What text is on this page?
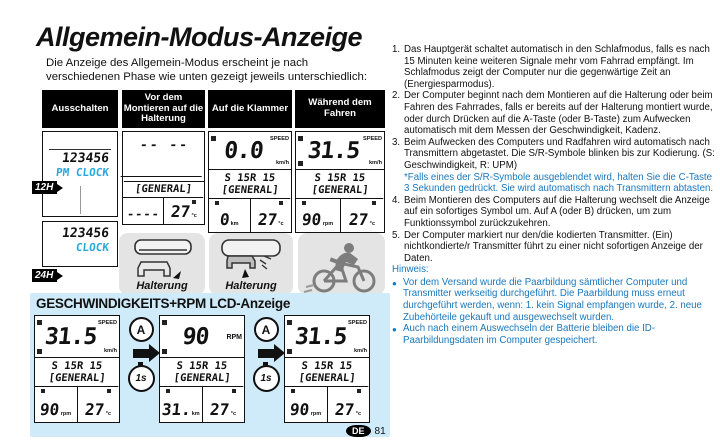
Allgemein-Modus-Anzeige
Die Anzeige des Allgemein-Modus erscheint je nach
verschiedenen Phase wie unten gezeigt jeweils unterschiedlich:
Ausschalten
123456
PM CLOCK
12H
123456
CLOCK
24H
Vor dem Montieren auf die Halterung
-- --
[GENERAL]
---- 27 °c
Auf die Klammer
0.0	SPEED
km/h
S 15R 15
[GENERAL]
0 km 27 °c
Während dem Fahren
31.5 SPEED
km/h
S 15R 15
[GENERAL]
90 rpm 27 °c
Halterung	Halterung
GESCHWINDIGKEITS+RPM LCD-Anzeige
31.5
SPEED
km/h
S 15R 15
[GENERAL]
90 rpm 27 °c
A
1s
90	RPM
S 15R 15
[GENERAL]
31. km 27 °c
A
1s
31.5
SPEED
km/h
S 15R 15
[GENERAL]
90 rpm 27 °c
DE	81
1. Das Hauptgerät schaltet automatisch in den Schlafmodus, falls es nach 15 Minuten keine weiteren Signale mehr vom Fahrrad empfängt. Im Schlafmodus zeigt der Computer nur die gegenwärtige Zeit an (Energiesparmodus).
2. Der Computer beginnt nach dem Montieren auf die Halterung oder beim Fahren des Fahrrades, falls er bereits auf der Halterung montiert wurde, oder durch Drücken auf die A-Taste (oder B-Taste) zum Aufwecken automatisch mit dem Messen der Geschwindigkeit, Kadenz.
3. Beim Aufwecken des Computers und Radfahren wird automatisch nach Transmittern abgetastet. Die S/R-Symbole blinken bis zur Kodierung. (S: Geschwindigkeit, R: UPM)
*Falls eines der S/R-Symbole ausgeblendet wird, halten Sie die C-Taste 3 Sekunden gedrückt. Sie wird automatisch nach Transmittern abtasten.
4. Beim Montieren des Computers auf die Halterung wechselt die Anzeige auf ein sofortiges Symbol um. Auf A (oder B) drücken, um zum Funktionssymbol zurückzukehren.
5. Der Computer markiert nur den/die kodierten Transmitter. (Ein) nichtkondierte/r Transmitter führt zu einer nicht sofortigen Anzeige der Daten.
Hinweis:
● Vor dem Versand wurde die Paarbildung sämtlicher Computer und Transmitter werkseitig durchgeführt. Die Paarbildung muss erneut durchgeführt werden, wenn: 1. kein Signal empfangen wurde, 2. neue Zubehörteile gekauft und ausgewechselt wurden.
● Auch nach einem Auswechseln der Batterie bleiben die ID-Paarbildungsdaten im Computer gespeichert.
